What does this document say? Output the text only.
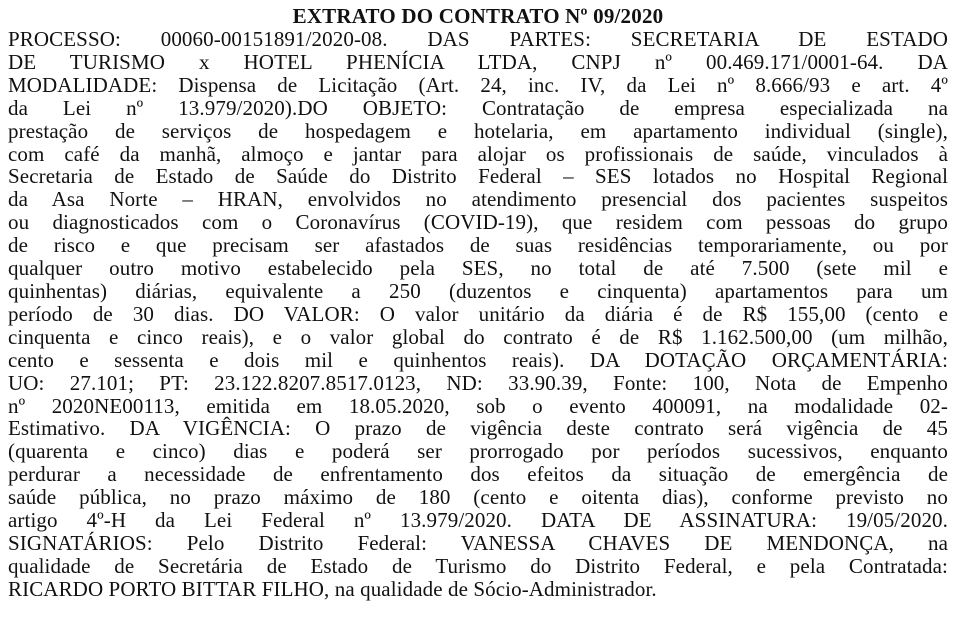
EXTRATO DO CONTRATO Nº 09/2020
PROCESSO: 00060-00151891/2020-08. DAS PARTES: SECRETARIA DE ESTADO
DE TURISMO x HOTEL PHENÍCIA LTDA, CNPJ nº 00.469.171/0001-64. DA
MODALIDADE: Dispensa de Licitação (Art. 24, inc. IV, da Lei nº 8.666/93 e art. 4º
da Lei nº 13.979/2020).DO OBJETO: Contratação de empresa especializada na
prestação de serviços de hospedagem e hotelaria, em apartamento individual (single),
com café da manhã, almoço e jantar para alojar os profissionais de saúde, vinculados à
Secretaria de Estado de Saúde do Distrito Federal – SES lotados no Hospital Regional
da Asa Norte – HRAN, envolvidos no atendimento presencial dos pacientes suspeitos
ou diagnosticados com o Coronavírus (COVID-19), que residem com pessoas do grupo
de risco e que precisam ser afastados de suas residências temporariamente, ou por
qualquer outro motivo estabelecido pela SES, no total de até 7.500 (sete mil e
quinhentas) diárias, equivalente a 250 (duzentos e cinquenta) apartamentos para um
período de 30 dias. DO VALOR: O valor unitário da diária é de R$ 155,00 (cento e
cinquenta e cinco reais), e o valor global do contrato é de R$ 1.162.500,00 (um milhão,
cento e sessenta e dois mil e quinhentos reais). DA DOTAÇÃO ORÇAMENTÁRIA:
UO: 27.101; PT: 23.122.8207.8517.0123, ND: 33.90.39, Fonte: 100, Nota de Empenho
nº 2020NE00113, emitida em 18.05.2020, sob o evento 400091, na modalidade 02-
Estimativo. DA VIGÊNCIA: O prazo de vigência deste contrato será vigência de 45
(quarenta e cinco) dias e poderá ser prorrogado por períodos sucessivos, enquanto
perdurar a necessidade de enfrentamento dos efeitos da situação de emergência de
saúde pública, no prazo máximo de 180 (cento e oitenta dias), conforme previsto no
artigo 4º-H da Lei Federal nº 13.979/2020. DATA DE ASSINATURA: 19/05/2020.
SIGNATÁRIOS: Pelo Distrito Federal: VANESSA CHAVES DE MENDONÇA, na
qualidade de Secretária de Estado de Turismo do Distrito Federal, e pela Contratada:
RICARDO PORTO BITTAR FILHO, na qualidade de Sócio-Administrador.
